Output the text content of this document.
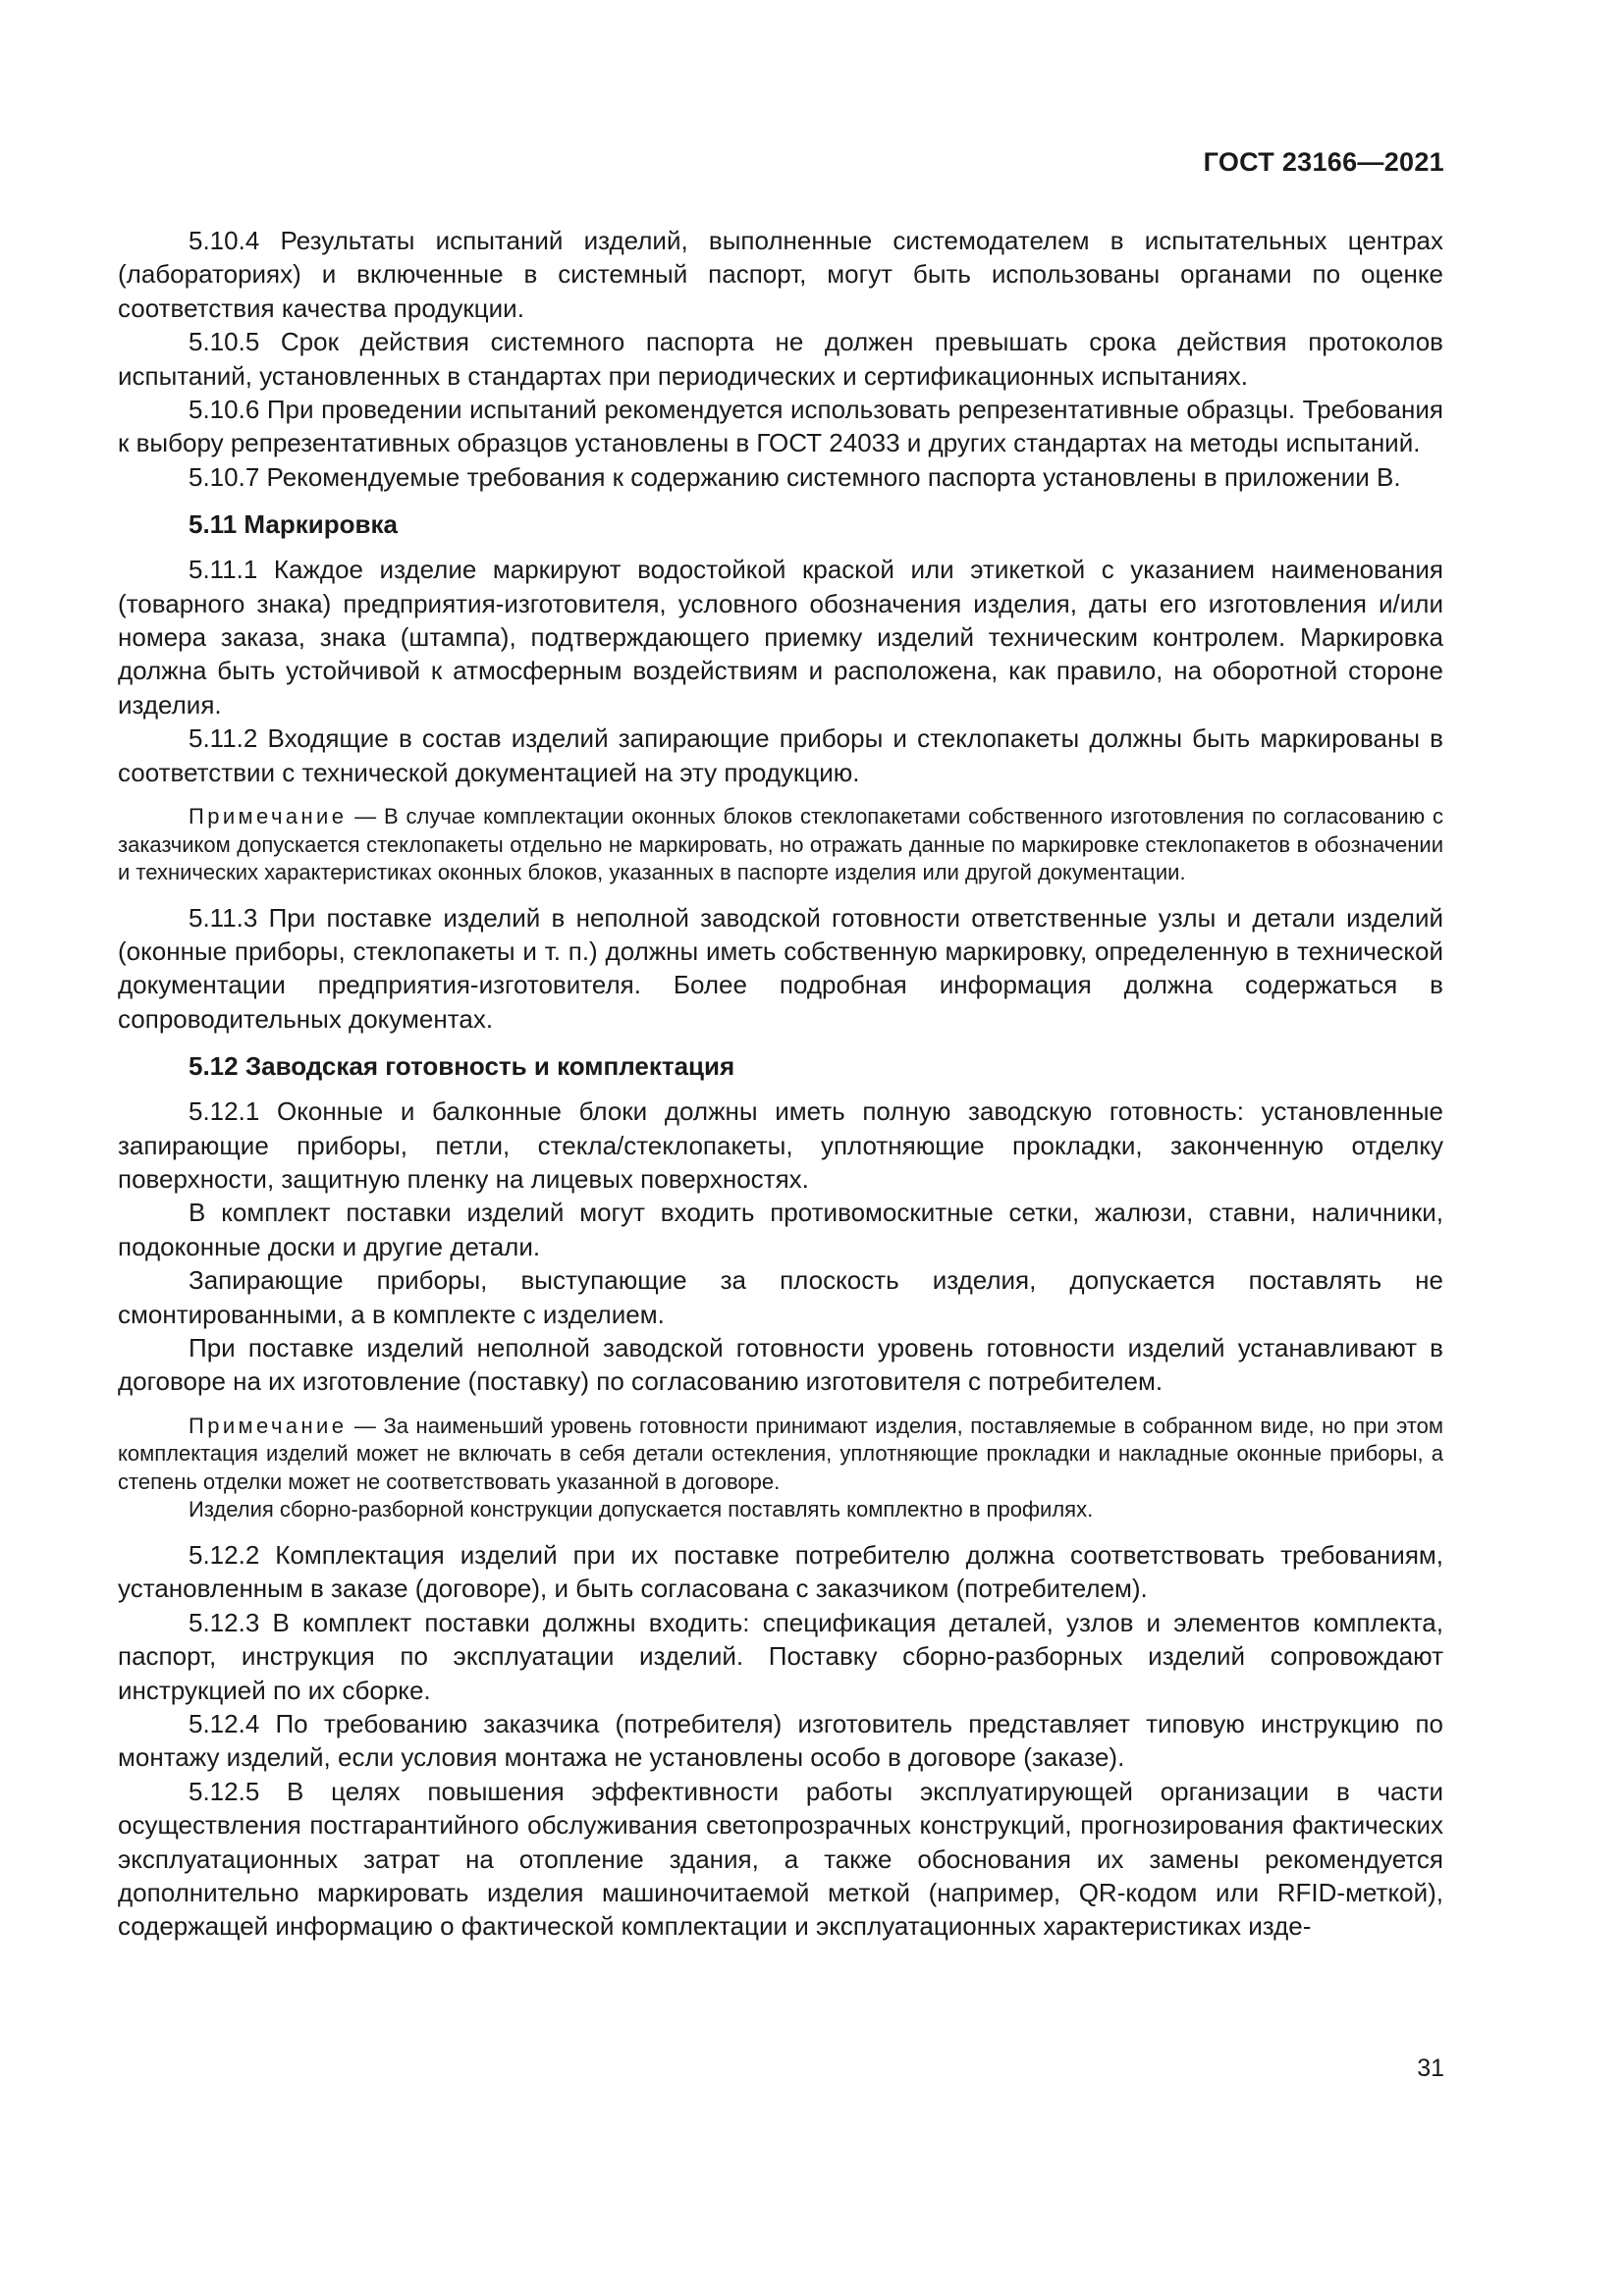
ГОСТ 23166—2021

5.10.4 Результаты испытаний изделий, выполненные системодателем в испытательных центрах (лабораториях) и включенные в системный паспорт, могут быть использованы органами по оценке соответствия качества продукции.

5.10.5 Срок действия системного паспорта не должен превышать срока действия протоколов испытаний, установленных в стандартах при периодических и сертификационных испытаниях.

5.10.6 При проведении испытаний рекомендуется использовать репрезентативные образцы. Требования к выбору репрезентативных образцов установлены в ГОСТ 24033 и других стандартах на методы испытаний.

5.10.7 Рекомендуемые требования к содержанию системного паспорта установлены в приложении В.

5.11 Маркировка

5.11.1 Каждое изделие маркируют водостойкой краской или этикеткой с указанием наименования (товарного знака) предприятия-изготовителя, условного обозначения изделия, даты его изготовления и/или номера заказа, знака (штампа), подтверждающего приемку изделий техническим контролем. Маркировка должна быть устойчивой к атмосферным воздействиям и расположена, как правило, на оборотной стороне изделия.

5.11.2 Входящие в состав изделий запирающие приборы и стеклопакеты должны быть маркированы в соответствии с технической документацией на эту продукцию.

Примечание — В случае комплектации оконных блоков стеклопакетами собственного изготовления по согласованию с заказчиком допускается стеклопакеты отдельно не маркировать, но отражать данные по маркировке стеклопакетов в обозначении и технических характеристиках оконных блоков, указанных в паспорте изделия или другой документации.

5.11.3 При поставке изделий в неполной заводской готовности ответственные узлы и детали изделий (оконные приборы, стеклопакеты и т. п.) должны иметь собственную маркировку, определенную в технической документации предприятия-изготовителя. Более подробная информация должна содержаться в сопроводительных документах.

5.12 Заводская готовность и комплектация

5.12.1 Оконные и балконные блоки должны иметь полную заводскую готовность: установленные запирающие приборы, петли, стекла/стеклопакеты, уплотняющие прокладки, законченную отделку поверхности, защитную пленку на лицевых поверхностях.

В комплект поставки изделий могут входить противомоскитные сетки, жалюзи, ставни, наличники, подоконные доски и другие детали.

Запирающие приборы, выступающие за плоскость изделия, допускается поставлять не смонтированными, а в комплекте с изделием.

При поставке изделий неполной заводской готовности уровень готовности изделий устанавливают в договоре на их изготовление (поставку) по согласованию изготовителя с потребителем.

Примечание — За наименьший уровень готовности принимают изделия, поставляемые в собранном виде, но при этом комплектация изделий может не включать в себя детали остекления, уплотняющие прокладки и накладные оконные приборы, а степень отделки может не соответствовать указанной в договоре.

Изделия сборно-разборной конструкции допускается поставлять комплектно в профилях.

5.12.2 Комплектация изделий при их поставке потребителю должна соответствовать требованиям, установленным в заказе (договоре), и быть согласована с заказчиком (потребителем).

5.12.3 В комплект поставки должны входить: спецификация деталей, узлов и элементов комплекта, паспорт, инструкция по эксплуатации изделий. Поставку сборно-разборных изделий сопровождают инструкцией по их сборке.

5.12.4 По требованию заказчика (потребителя) изготовитель представляет типовую инструкцию по монтажу изделий, если условия монтажа не установлены особо в договоре (заказе).

5.12.5 В целях повышения эффективности работы эксплуатирующей организации в части осуществления постгарантийного обслуживания светопрозрачных конструкций, прогнозирования фактических эксплуатационных затрат на отопление здания, а также обоснования их замены рекомендуется дополнительно маркировать изделия машиночитаемой меткой (например, QR-кодом или RFID-меткой), содержащей информацию о фактической комплектации и эксплуатационных характеристиках изде-

31
